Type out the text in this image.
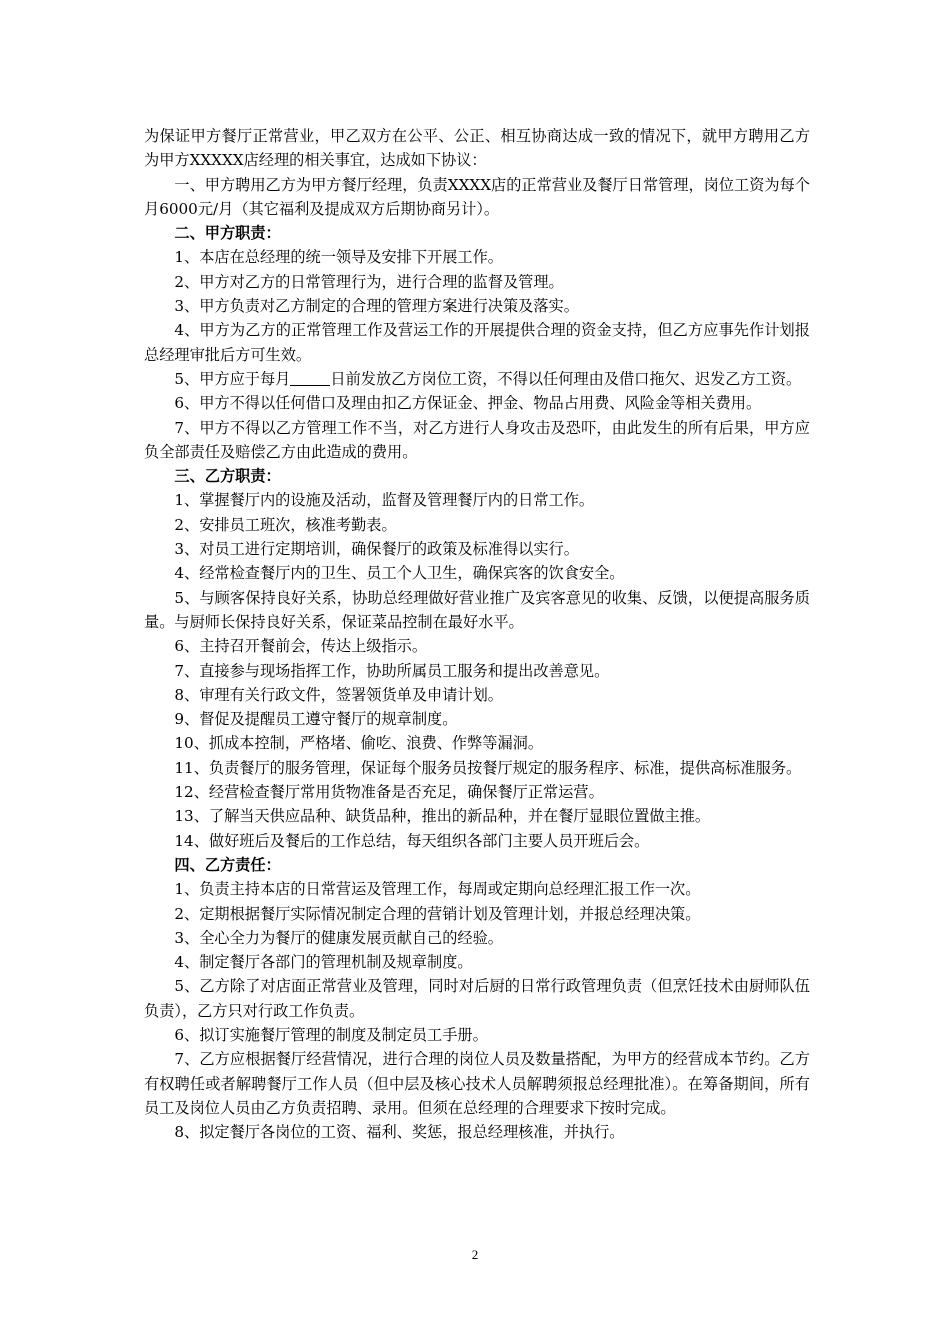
为保证甲方餐厅正常营业，甲乙双方在公平、公正、相互协商达成一致的情况下，就甲方聘用乙方为甲方XXXXX店经理的相关事宜，达成如下协议：

一、甲方聘用乙方为甲方餐厅经理，负责XXXX店的正常营业及餐厅日常管理，岗位工资为每个月6000元/月（其它福利及提成双方后期协商另计）。

二、甲方职责：

1、本店在总经理的统一领导及安排下开展工作。

2、甲方对乙方的日常管理行为，进行合理的监督及管理。

3、甲方负责对乙方制定的合理的管理方案进行决策及落实。

4、甲方为乙方的正常管理工作及营运工作的开展提供合理的资金支持，但乙方应事先作计划报总经理审批后方可生效。

5、甲方应于每月	日前发放乙方岗位工资，不得以任何理由及借口拖欠、迟发乙方工资。

6、甲方不得以任何借口及理由扣乙方保证金、押金、物品占用费、风险金等相关费用。

7、甲方不得以乙方管理工作不当，对乙方进行人身攻击及恐吓，由此发生的所有后果，甲方应负全部责任及赔偿乙方由此造成的费用。

三、乙方职责：

1、掌握餐厅内的设施及活动，监督及管理餐厅内的日常工作。

2、安排员工班次，核准考勤表。

3、对员工进行定期培训，确保餐厅的政策及标准得以实行。

4、经常检查餐厅内的卫生、员工个人卫生，确保宾客的饮食安全。

5、与顾客保持良好关系，协助总经理做好营业推广及宾客意见的收集、反馈，以便提高服务质量。与厨师长保持良好关系，保证菜品控制在最好水平。

6、主持召开餐前会，传达上级指示。

7、直接参与现场指挥工作，协助所属员工服务和提出改善意见。

8、审理有关行政文件，签署领货单及申请计划。

9、督促及提醒员工遵守餐厅的规章制度。

10、抓成本控制，严格堵、偷吃、浪费、作弊等漏洞。

11、负责餐厅的服务管理，保证每个服务员按餐厅规定的服务程序、标准，提供高标准服务。

12、经营检查餐厅常用货物准备是否充足，确保餐厅正常运营。

13、了解当天供应品种、缺货品种，推出的新品种，并在餐厅显眼位置做主推。

14、做好班后及餐后的工作总结，每天组织各部门主要人员开班后会。

四、乙方责任：

1、负责主持本店的日常营运及管理工作，每周或定期向总经理汇报工作一次。

2、定期根据餐厅实际情况制定合理的营销计划及管理计划，并报总经理决策。

3、全心全力为餐厅的健康发展贡献自己的经验。

4、制定餐厅各部门的管理机制及规章制度。

5、乙方除了对店面正常营业及管理，同时对后厨的日常行政管理负责（但烹饪技术由厨师队伍负责），乙方只对行政工作负责。

6、拟订实施餐厅管理的制度及制定员工手册。

7、乙方应根据餐厅经营情况，进行合理的岗位人员及数量搭配，为甲方的经营成本节约。乙方有权聘任或者解聘餐厅工作人员（但中层及核心技术人员解聘须报总经理批准）。在筹备期间，所有员工及岗位人员由乙方负责招聘、录用。但须在总经理的合理要求下按时完成。

8、拟定餐厅各岗位的工资、福利、奖惩，报总经理核准，并执行。

2
